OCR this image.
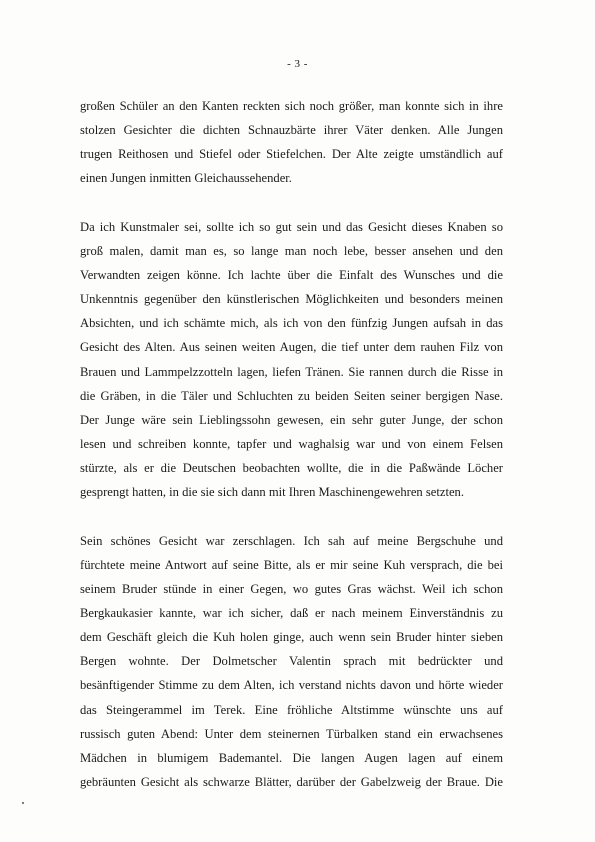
- 3 -
großen Schüler an den Kanten reckten sich noch größer, man konnte sich in ihre
stolzen Gesichter die dichten Schnauzbärte ihrer Väter denken. Alle Jungen
trugen Reithosen und Stiefel oder Stiefelchen. Der Alte zeigte umständlich auf
einen Jungen inmitten Gleichaussehender.
Da ich Kunstmaler sei, sollte ich so gut sein und das Gesicht dieses Knaben so
groß malen, damit man es, so lange man noch lebe, besser ansehen und den
Verwandten zeigen könne. Ich lachte über die Einfalt des Wunsches und die
Unkenntnis gegenüber den künstlerischen Möglichkeiten und besonders meinen
Absichten, und ich schämte mich, als ich von den fünfzig Jungen aufsah in das
Gesicht des Alten. Aus seinen weiten Augen, die tief unter dem rauhen Filz von
Brauen und Lammpelzzotteln lagen, liefen Tränen. Sie rannen durch die Risse in
die Gräben, in die Täler und Schluchten zu beiden Seiten seiner bergigen Nase.
Der Junge wäre sein Lieblingssohn gewesen, ein sehr guter Junge, der schon
lesen und schreiben konnte, tapfer und waghalsig war und von einem Felsen
stürzte, als er die Deutschen beobachten wollte, die in die Paßwände Löcher
gesprengt hatten, in die sie sich dann mit Ihren Maschinengewehren setzten.
Sein schönes Gesicht war zerschlagen. Ich sah auf meine Bergschuhe und
fürchtete meine Antwort auf seine Bitte, als er mir seine Kuh versprach, die bei
seinem Bruder stünde in einer Gegen, wo gutes Gras wächst. Weil ich schon
Bergkaukasier kannte, war ich sicher, daß er nach meinem Einverständnis zu
dem Geschäft gleich die Kuh holen ginge, auch wenn sein Bruder hinter sieben
Bergen wohnte. Der Dolmetscher Valentin sprach mit bedrückter und
besänftigender Stimme zu dem Alten, ich verstand nichts davon und hörte wieder
das Steingerammel im Terek. Eine fröhliche Altstimme wünschte uns auf
russisch guten Abend: Unter dem steinernen Türbalken stand ein erwachsenes
Mädchen in blumigem Bademantel. Die langen Augen lagen auf einem
gebräunten Gesicht als schwarze Blätter, darüber der Gabelzweig der Braue. Die
